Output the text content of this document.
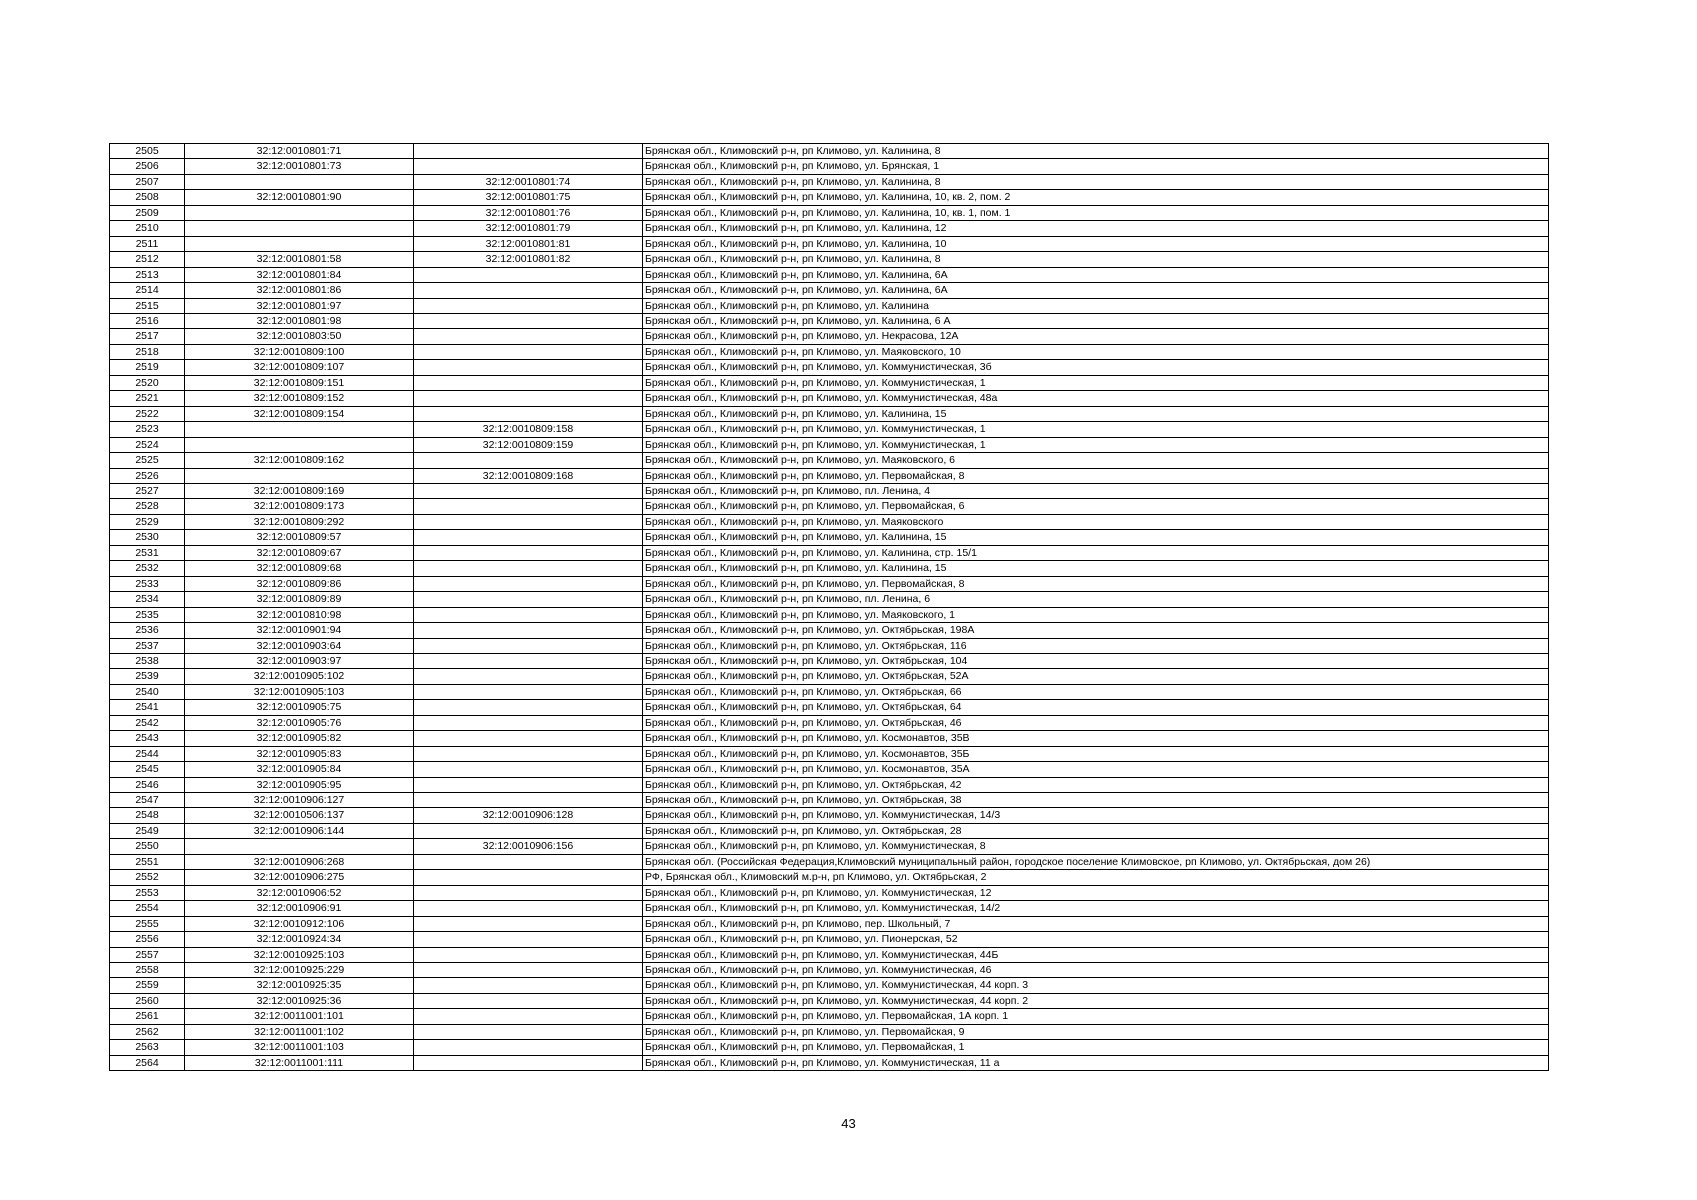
2505	32:12:0010801:71		Брянская обл., Климовский р-н, рп Климово, ул. Калинина, 8
2506	32:12:0010801:73		Брянская обл., Климовский р-н, рп Климово, ул. Брянская, 1
2507		32:12:0010801:74	Брянская обл., Климовский р-н, рп Климово, ул. Калинина, 8
2508	32:12:0010801:90	32:12:0010801:75	Брянская обл., Климовский р-н, рп Климово, ул. Калинина, 10, кв. 2, пом. 2
2509		32:12:0010801:76	Брянская обл., Климовский р-н, рп Климово, ул. Калинина, 10, кв. 1, пом. 1
2510		32:12:0010801:79	Брянская обл., Климовский р-н, рп Климово, ул. Калинина, 12
2511		32:12:0010801:81	Брянская обл., Климовский р-н, рп Климово, ул. Калинина, 10
2512	32:12:0010801:58	32:12:0010801:82	Брянская обл., Климовский р-н, рп Климово, ул. Калинина, 8
2513	32:12:0010801:84		Брянская обл., Климовский р-н, рп Климово, ул. Калинина, 6А
2514	32:12:0010801:86		Брянская обл., Климовский р-н, рп Климово, ул. Калинина, 6А
2515	32:12:0010801:97		Брянская обл., Климовский р-н, рп Климово, ул. Калинина
2516	32:12:0010801:98		Брянская обл., Климовский р-н, рп Климово, ул. Калинина, 6 А
2517	32:12:0010803:50		Брянская обл., Климовский р-н, рп Климово, ул. Некрасова, 12А
2518	32:12:0010809:100		Брянская обл., Климовский р-н, рп Климово, ул. Маяковского, 10
2519	32:12:0010809:107		Брянская обл., Климовский р-н, рп Климово, ул. Коммунистическая, 3б
2520	32:12:0010809:151		Брянская обл., Климовский р-н, рп Климово, ул. Коммунистическая, 1
2521	32:12:0010809:152		Брянская обл., Климовский р-н, рп Климово, ул. Коммунистическая, 48а
2522	32:12:0010809:154		Брянская обл., Климовский р-н, рп Климово, ул. Калинина, 15
2523		32:12:0010809:158	Брянская обл., Климовский р-н, рп Климово, ул. Коммунистическая, 1
2524		32:12:0010809:159	Брянская обл., Климовский р-н, рп Климово, ул. Коммунистическая, 1
2525	32:12:0010809:162		Брянская обл., Климовский р-н, рп Климово, ул. Маяковского, 6
2526		32:12:0010809:168	Брянская обл., Климовский р-н, рп Климово, ул. Первомайская, 8
2527	32:12:0010809:169		Брянская обл., Климовский р-н, рп Климово, пл. Ленина, 4
2528	32:12:0010809:173		Брянская обл., Климовский р-н, рп Климово, ул. Первомайская, 6
2529	32:12:0010809:292		Брянская обл., Климовский р-н, рп Климово, ул. Маяковского
2530	32:12:0010809:57		Брянская обл., Климовский р-н, рп Климово, ул. Калинина, 15
2531	32:12:0010809:67		Брянская обл., Климовский р-н, рп Климово, ул. Калинина, стр. 15/1
2532	32:12:0010809:68		Брянская обл., Климовский р-н, рп Климово, ул. Калинина, 15
2533	32:12:0010809:86		Брянская обл., Климовский р-н, рп Климово, ул. Первомайская, 8
2534	32:12:0010809:89		Брянская обл., Климовский р-н, рп Климово, пл. Ленина, 6
2535	32:12:0010810:98		Брянская обл., Климовский р-н, рп Климово, ул. Маяковского, 1
2536	32:12:0010901:94		Брянская обл., Климовский р-н, рп Климово, ул. Октябрьская, 198А
2537	32:12:0010903:64		Брянская обл., Климовский р-н, рп Климово, ул. Октябрьская, 116
2538	32:12:0010903:97		Брянская обл., Климовский р-н, рп Климово, ул. Октябрьская, 104
2539	32:12:0010905:102		Брянская обл., Климовский р-н, рп Климово, ул. Октябрьская, 52А
2540	32:12:0010905:103		Брянская обл., Климовский р-н, рп Климово, ул. Октябрьская, 66
2541	32:12:0010905:75		Брянская обл., Климовский р-н, рп Климово, ул. Октябрьская, 64
2542	32:12:0010905:76		Брянская обл., Климовский р-н, рп Климово, ул. Октябрьская, 46
2543	32:12:0010905:82		Брянская обл., Климовский р-н, рп Климово, ул. Космонавтов, 35В
2544	32:12:0010905:83		Брянская обл., Климовский р-н, рп Климово, ул. Космонавтов, 35Б
2545	32:12:0010905:84		Брянская обл., Климовский р-н, рп Климово, ул. Космонавтов, 35А
2546	32:12:0010905:95		Брянская обл., Климовский р-н, рп Климово, ул. Октябрьская, 42
2547	32:12:0010906:127		Брянская обл., Климовский р-н, рп Климово, ул. Октябрьская, 38
2548	32:12:0010506:137	32:12:0010906:128	Брянская обл., Климовский р-н, рп Климово, ул. Коммунистическая, 14/3
2549	32:12:0010906:144		Брянская обл., Климовский р-н, рп Климово, ул. Октябрьская, 28
2550		32:12:0010906:156	Брянская обл., Климовский р-н, рп Климово, ул. Коммунистическая, 8
2551	32:12:0010906:268		Брянская обл. (Российская Федерация,Климовский муниципальный район, городское поселение Климовское, рп Климово, ул. Октябрьская, дом 26)
2552	32:12:0010906:275		РФ, Брянская обл., Климовский м.р-н, рп Климово, ул. Октябрьская, 2
2553	32:12:0010906:52		Брянская обл., Климовский р-н, рп Климово, ул. Коммунистическая, 12
2554	32:12:0010906:91		Брянская обл., Климовский р-н, рп Климово, ул. Коммунистическая, 14/2
2555	32:12:0010912:106		Брянская обл., Климовский р-н, рп Климово, пер. Школьный, 7
2556	32:12:0010924:34		Брянская обл., Климовский р-н, рп Климово, ул. Пионерская, 52
2557	32:12:0010925:103		Брянская обл., Климовский р-н, рп Климово, ул. Коммунистическая, 44Б
2558	32:12:0010925:229		Брянская обл., Климовский р-н, рп Климово, ул. Коммунистическая, 46
2559	32:12:0010925:35		Брянская обл., Климовский р-н, рп Климово, ул. Коммунистическая, 44 корп. 3
2560	32:12:0010925:36		Брянская обл., Климовский р-н, рп Климово, ул. Коммунистическая, 44 корп. 2
2561	32:12:0011001:101		Брянская обл., Климовский р-н, рп Климово, ул. Первомайская, 1А корп. 1
2562	32:12:0011001:102		Брянская обл., Климовский р-н, рп Климово, ул. Первомайская, 9
2563	32:12:0011001:103		Брянская обл., Климовский р-н, рп Климово, ул. Первомайская, 1
2564	32:12:0011001:111		Брянская обл., Климовский р-н, рп Климово, ул. Коммунистическая, 11 а
43
